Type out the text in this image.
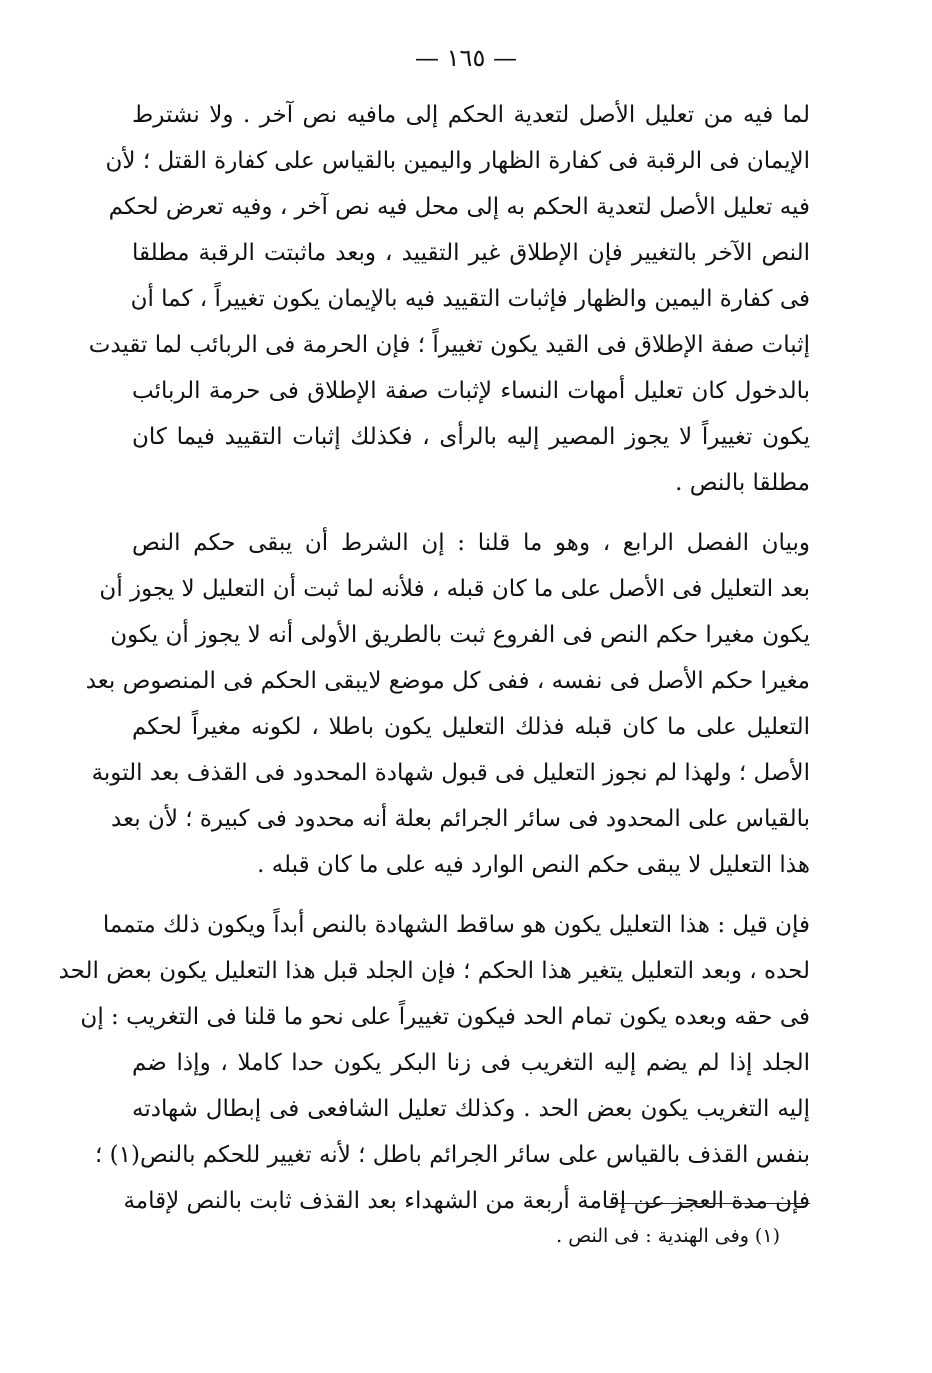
— ١٦٥ —
لما فيه من تعليل الأصل لتعدية الحكم إلى مافيه نص آخر . ولا نشترط
الإيمان فى الرقبة فى كفارة الظهار واليمين بالقياس على كفارة القتل ؛ لأن
فيه تعليل الأصل لتعدية الحكم به إلى محل فيه نص آخر ، وفيه تعرض لحكم
النص الآخر بالتغيير فإن الإطلاق غير التقييد ، وبعد ماثبتت الرقبة مطلقا
فى كفارة اليمين والظهار فإثبات التقييد فيه بالإيمان يكون تغييراً ، كما أن
إثبات صفة الإطلاق فى القيد يكون تغييراً ؛ فإن الحرمة فى الربائب لما تقيدت
بالدخول كان تعليل أمهات النساء لإثبات صفة الإطلاق فى حرمة الربائب
يكون تغييراً لا يجوز المصير إليه بالرأى ، فكذلك إثبات التقييد فيما كان
مطلقا بالنص .
وبيان الفصل الرابع ، وهو ما قلنا : إن الشرط أن يبقى حكم النص
بعد التعليل فى الأصل على ما كان قبله ، فلأنه لما ثبت أن التعليل لا يجوز أن
يكون مغيرا حكم النص فى الفروع ثبت بالطريق الأولى أنه لا يجوز أن يكون
مغيرا حكم الأصل فى نفسه ، ففى كل موضع لايبقى الحكم فى المنصوص بعد
التعليل على ما كان قبله فذلك التعليل يكون باطلا ، لكونه مغيراً لحكم
الأصل ؛ ولهذا لم نجوز التعليل فى قبول شهادة المحدود فى القذف بعد التوبة
بالقياس على المحدود فى سائر الجرائم بعلة أنه محدود فى كبيرة ؛ لأن بعد
هذا التعليل لا يبقى حكم النص الوارد فيه على ما كان قبله .
فإن قيل : هذا التعليل يكون هو ساقط الشهادة بالنص أبداً ويكون ذلك متمما
لحده ، وبعد التعليل يتغير هذا الحكم ؛ فإن الجلد قبل هذا التعليل يكون بعض الحد
فى حقه وبعده يكون تمام الحد فيكون تغييراً على نحو ما قلنا فى التغريب : إن
الجلد إذا لم يضم إليه التغريب فى زنا البكر يكون حدا كاملا ، وإذا ضم
إليه التغريب يكون بعض الحد . وكذلك تعليل الشافعى فى إبطال شهادته
بنفس القذف بالقياس على سائر الجرائم باطل ؛ لأنه تغيير للحكم بالنص(١) ؛
فإن مدة العجز عن إقامة أربعة من الشهداء بعد القذف ثابت بالنص لإقامة
(١) وفى الهندية : فى النص .
